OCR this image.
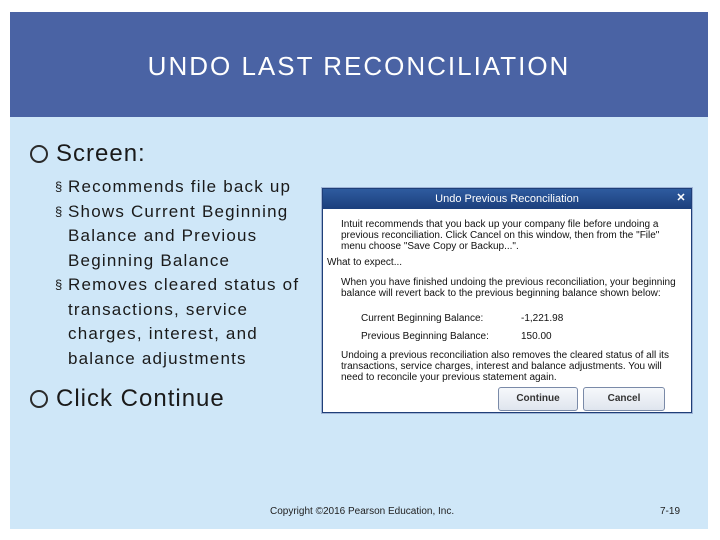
UNDO LAST RECONCILIATION
Screen:
§ Recommends file back up
§ Shows Current Beginning Balance and Previous Beginning Balance
§ Removes cleared status of transactions, service charges, interest, and balance adjustments
Click Continue
Undo Previous Reconciliation	✕
Intuit recommends that you back up your company file before undoing a previous reconciliation. Click Cancel on this window, then from the "File" menu choose "Save Copy or Backup...".
What to expect...
When you have finished undoing the previous reconciliation, your beginning balance will revert back to the previous beginning balance shown below:
Current Beginning Balance:	-1,221.98
Previous Beginning Balance:	150.00
Undoing a previous reconciliation also removes the cleared status of all its transactions, service charges, interest and balance adjustments. You will need to reconcile your previous statement again.
Continue	Cancel
Copyright ©2016 Pearson Education, Inc.	7-19
